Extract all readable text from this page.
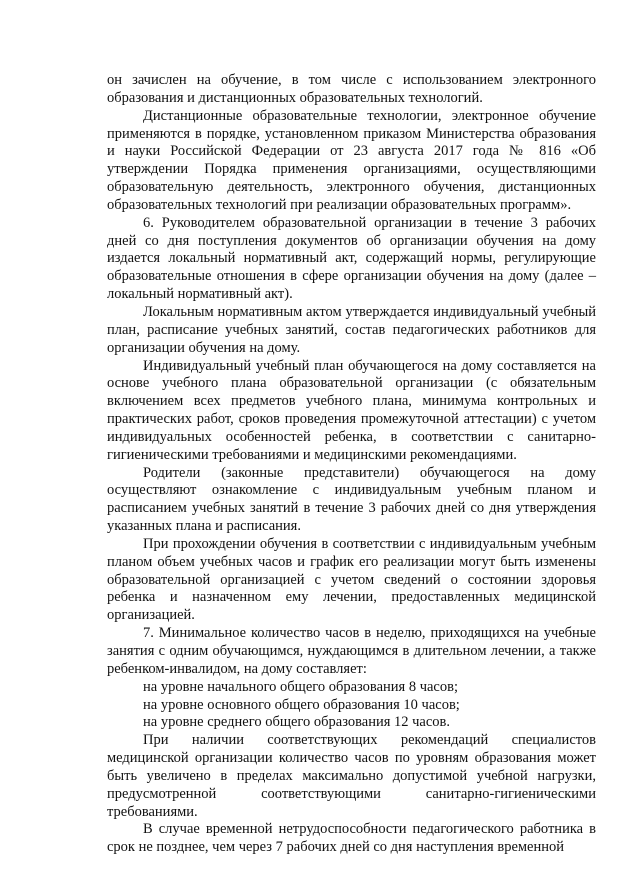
он зачислен на обучение, в том числе с использованием электронного образования и дистанционных образовательных технологий.

Дистанционные образовательные технологии, электронное обучение применяются в порядке, установленном приказом Министерства образования и науки Российской Федерации от 23 августа 2017 года № 816 «Об утверждении Порядка применения организациями, осуществляющими образовательную деятельность, электронного обучения, дистанционных образовательных технологий при реализации образовательных программ».

6. Руководителем образовательной организации в течение 3 рабочих дней со дня поступления документов об организации обучения на дому издается локальный нормативный акт, содержащий нормы, регулирующие образовательные отношения в сфере организации обучения на дому (далее – локальный нормативный акт).

Локальным нормативным актом утверждается индивидуальный учебный план, расписание учебных занятий, состав педагогических работников для организации обучения на дому.

Индивидуальный учебный план обучающегося на дому составляется на основе учебного плана образовательной организации (с обязательным включением всех предметов учебного плана, минимума контрольных и практических работ, сроков проведения промежуточной аттестации) с учетом индивидуальных особенностей ребенка, в соответствии с санитарно-гигиеническими требованиями и медицинскими рекомендациями.

Родители (законные представители) обучающегося на дому осуществляют ознакомление с индивидуальным учебным планом и расписанием учебных занятий в течение 3 рабочих дней со дня утверждения указанных плана и расписания.

При прохождении обучения в соответствии с индивидуальным учебным планом объем учебных часов и график его реализации могут быть изменены образовательной организацией с учетом сведений о состоянии здоровья ребенка и назначенном ему лечении, предоставленных медицинской организацией.

7. Минимальное количество часов в неделю, приходящихся на учебные занятия с одним обучающимся, нуждающимся в длительном лечении, а также ребенком-инвалидом, на дому составляет:

на уровне начального общего образования 8 часов;

на уровне основного общего образования 10 часов;

на уровне среднего общего образования 12 часов.

При наличии соответствующих рекомендаций специалистов медицинской организации количество часов по уровням образования может быть увеличено в пределах максимально допустимой учебной нагрузки, предусмотренной соответствующими санитарно-гигиеническими требованиями.

В случае временной нетрудоспособности педагогического работника в срок не позднее, чем через 7 рабочих дней со дня наступления временной
